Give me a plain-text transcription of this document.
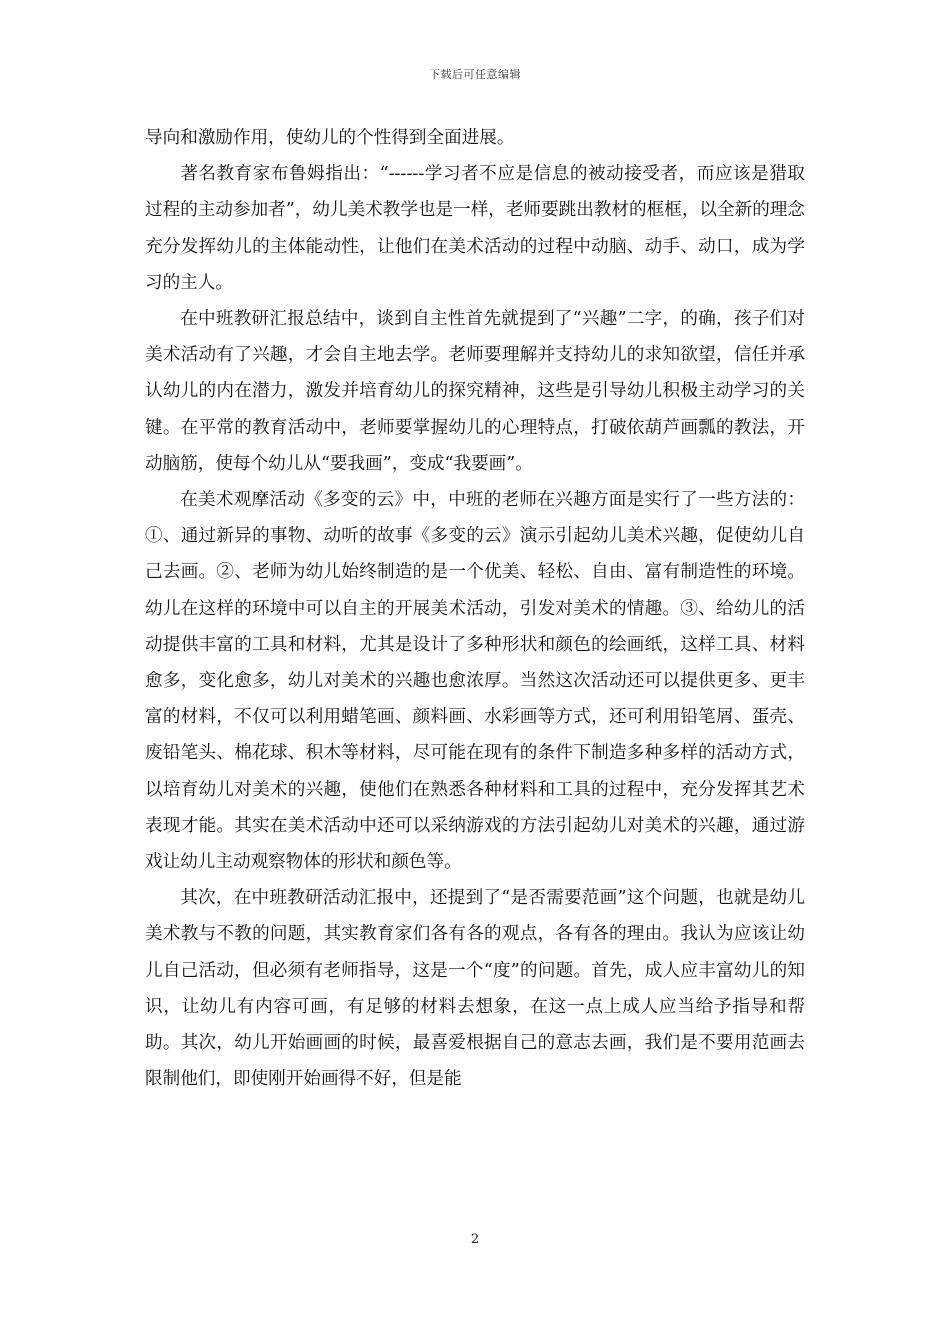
下载后可任意编辑

导向和激励作用，使幼儿的个性得到全面进展。

著名教育家布鲁姆指出：“------学习者不应是信息的被动接受者，而应该是猎取过程的主动参加者”，幼儿美术教学也是一样，老师要跳出教材的框框，以全新的理念充分发挥幼儿的主体能动性，让他们在美术活动的过程中动脑、动手、动口，成为学习的主人。

在中班教研汇报总结中，谈到自主性首先就提到了“兴趣”二字，的确，孩子们对美术活动有了兴趣，才会自主地去学。老师要理解并支持幼儿的求知欲望，信任并承认幼儿的内在潜力，激发并培育幼儿的探究精神，这些是引导幼儿积极主动学习的关键。在平常的教育活动中，老师要掌握幼儿的心理特点，打破依葫芦画瓢的教法，开动脑筋，使每个幼儿从“要我画”，变成“我要画”。

在美术观摩活动《多变的云》中，中班的老师在兴趣方面是实行了一些方法的：①、通过新异的事物、动听的故事《多变的云》演示引起幼儿美术兴趣，促使幼儿自己去画。②、老师为幼儿始终制造的是一个优美、轻松、自由、富有制造性的环境。幼儿在这样的环境中可以自主的开展美术活动，引发对美术的情趣。③、给幼儿的活动提供丰富的工具和材料，尤其是设计了多种形状和颜色的绘画纸，这样工具、材料愈多，变化愈多，幼儿对美术的兴趣也愈浓厚。当然这次活动还可以提供更多、更丰富的材料，不仅可以利用蜡笔画、颜料画、水彩画等方式，还可利用铅笔屑、蛋壳、废铅笔头、棉花球、积木等材料，尽可能在现有的条件下制造多种多样的活动方式，以培育幼儿对美术的兴趣，使他们在熟悉各种材料和工具的过程中，充分发挥其艺术表现才能。其实在美术活动中还可以采纳游戏的方法引起幼儿对美术的兴趣，通过游戏让幼儿主动观察物体的形状和颜色等。

其次，在中班教研活动汇报中，还提到了“是否需要范画”这个问题，也就是幼儿美术教与不教的问题，其实教育家们各有各的观点，各有各的理由。我认为应该让幼儿自己活动，但必须有老师指导，这是一个“度”的问题。首先，成人应丰富幼儿的知识，让幼儿有内容可画，有足够的材料去想象，在这一点上成人应当给予指导和帮助。其次，幼儿开始画画的时候，最喜爱根据自己的意志去画，我们是不要用范画去限制他们，即使刚开始画得不好，但是能

2
